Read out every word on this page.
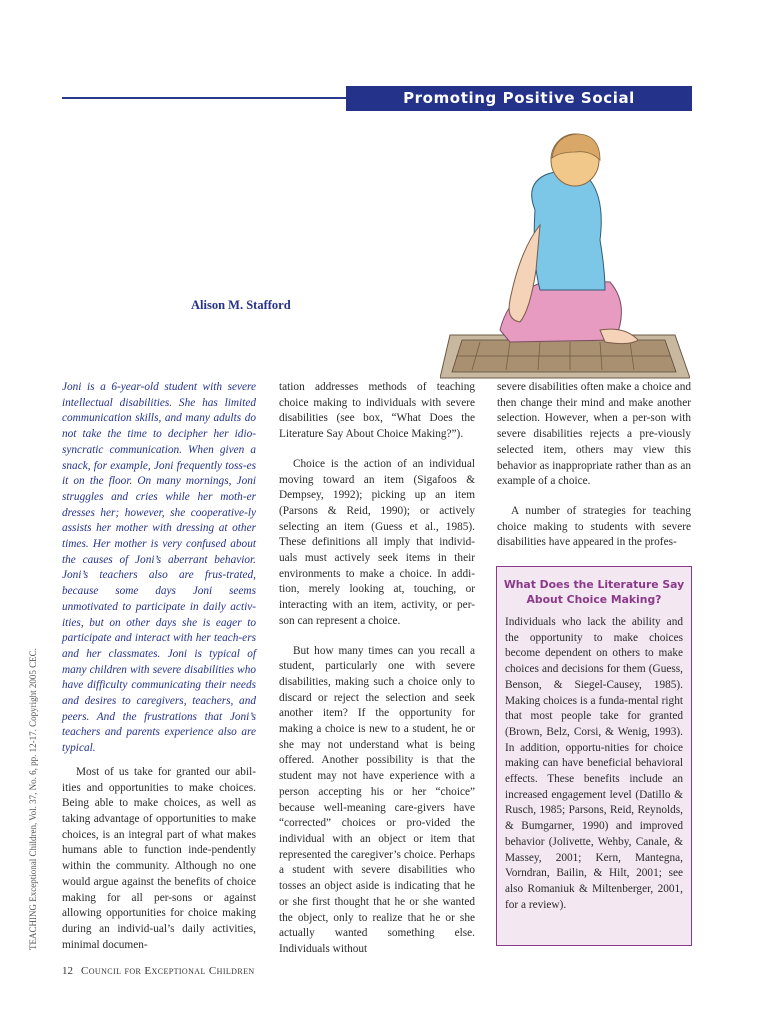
Promoting Positive Social Development
Alison M. Stafford

Joni is a 6-year-old student with severe intellectual disabilities. She has limited communication skills, and many adults do not take the time to decipher her idio-syncratic communication. When given a snack, for example, Joni frequently toss-es it on the floor. On many mornings, Joni struggles and cries while her moth-er dresses her; however, she cooperative-ly assists her mother with dressing at other times. Her mother is very confused about the causes of Joni’s aberrant behavior. Joni’s teachers also are frus-trated, because some days Joni seems unmotivated to participate in daily activ-ities, but on other days she is eager to participate and interact with her teach-ers and her classmates. Joni is typical of many children with severe disabilities who have difficulty communicating their needs and desires to caregivers, teachers, and peers. And the frustrations that Joni’s teachers and parents experience also are typical.

Most of us take for granted our abil-ities and opportunities to make choices. Being able to make choices, as well as taking advantage of opportunities to make choices, is an integral part of what makes humans able to function inde-pendently within the community. Although no one would argue against the benefits of choice making for all per-sons or against allowing opportunities for choice making during an individ-ual’s daily activities, minimal documen-

tation addresses methods of teaching choice making to individuals with severe disabilities (see box, “What Does the Literature Say About Choice Making?”).

Choice is the action of an individual moving toward an item (Sigafoos & Dempsey, 1992); picking up an item (Parsons & Reid, 1990); or actively selecting an item (Guess et al., 1985). These definitions all imply that individ-uals must actively seek items in their environments to make a choice. In addi-tion, merely looking at, touching, or interacting with an item, activity, or per-son can represent a choice.

But how many times can you recall a student, particularly one with severe disabilities, making such a choice only to discard or reject the selection and seek another item? If the opportunity for making a choice is new to a student, he or she may not understand what is being offered. Another possibility is that the student may not have experience with a person accepting his or her “choice” because well-meaning care-givers have “corrected” choices or pro-vided the individual with an object or item that represented the caregiver’s choice. Perhaps a student with severe disabilities who tosses an object aside is indicating that he or she first thought that he or she wanted the object, only to realize that he or she actually wanted something else. Individuals without

severe disabilities often make a choice and then change their mind and make another selection. However, when a per-son with severe disabilities rejects a pre-viously selected item, others may view this behavior as inappropriate rather than as an example of a choice.

A number of strategies for teaching choice making to students with severe disabilities have appeared in the profes-

What Does the Literature Say About Choice Making?
Individuals who lack the ability and the opportunity to make choices become dependent on others to make choices and decisions for them (Guess, Benson, & Siegel-Causey, 1985). Making choices is a funda-mental right that most people take for granted (Brown, Belz, Corsi, & Wenig, 1993). In addition, opportu-nities for choice making can have beneficial behavioral effects. These benefits include an increased engagement level (Datillo & Rusch, 1985; Parsons, Reid, Reynolds, & Bumgarner, 1990) and improved behavior (Jolivette, Wehby, Canale, & Massey, 2001; Kern, Mantegna, Vorndran, Bailin, & Hilt, 2001; see also Romaniuk & Miltenberger, 2001, for a review).
TEACHING Exceptional Children, Vol. 37, No. 6, pp. 12-17. Copyright 2005 CEC.
12 Council for Exceptional Children
